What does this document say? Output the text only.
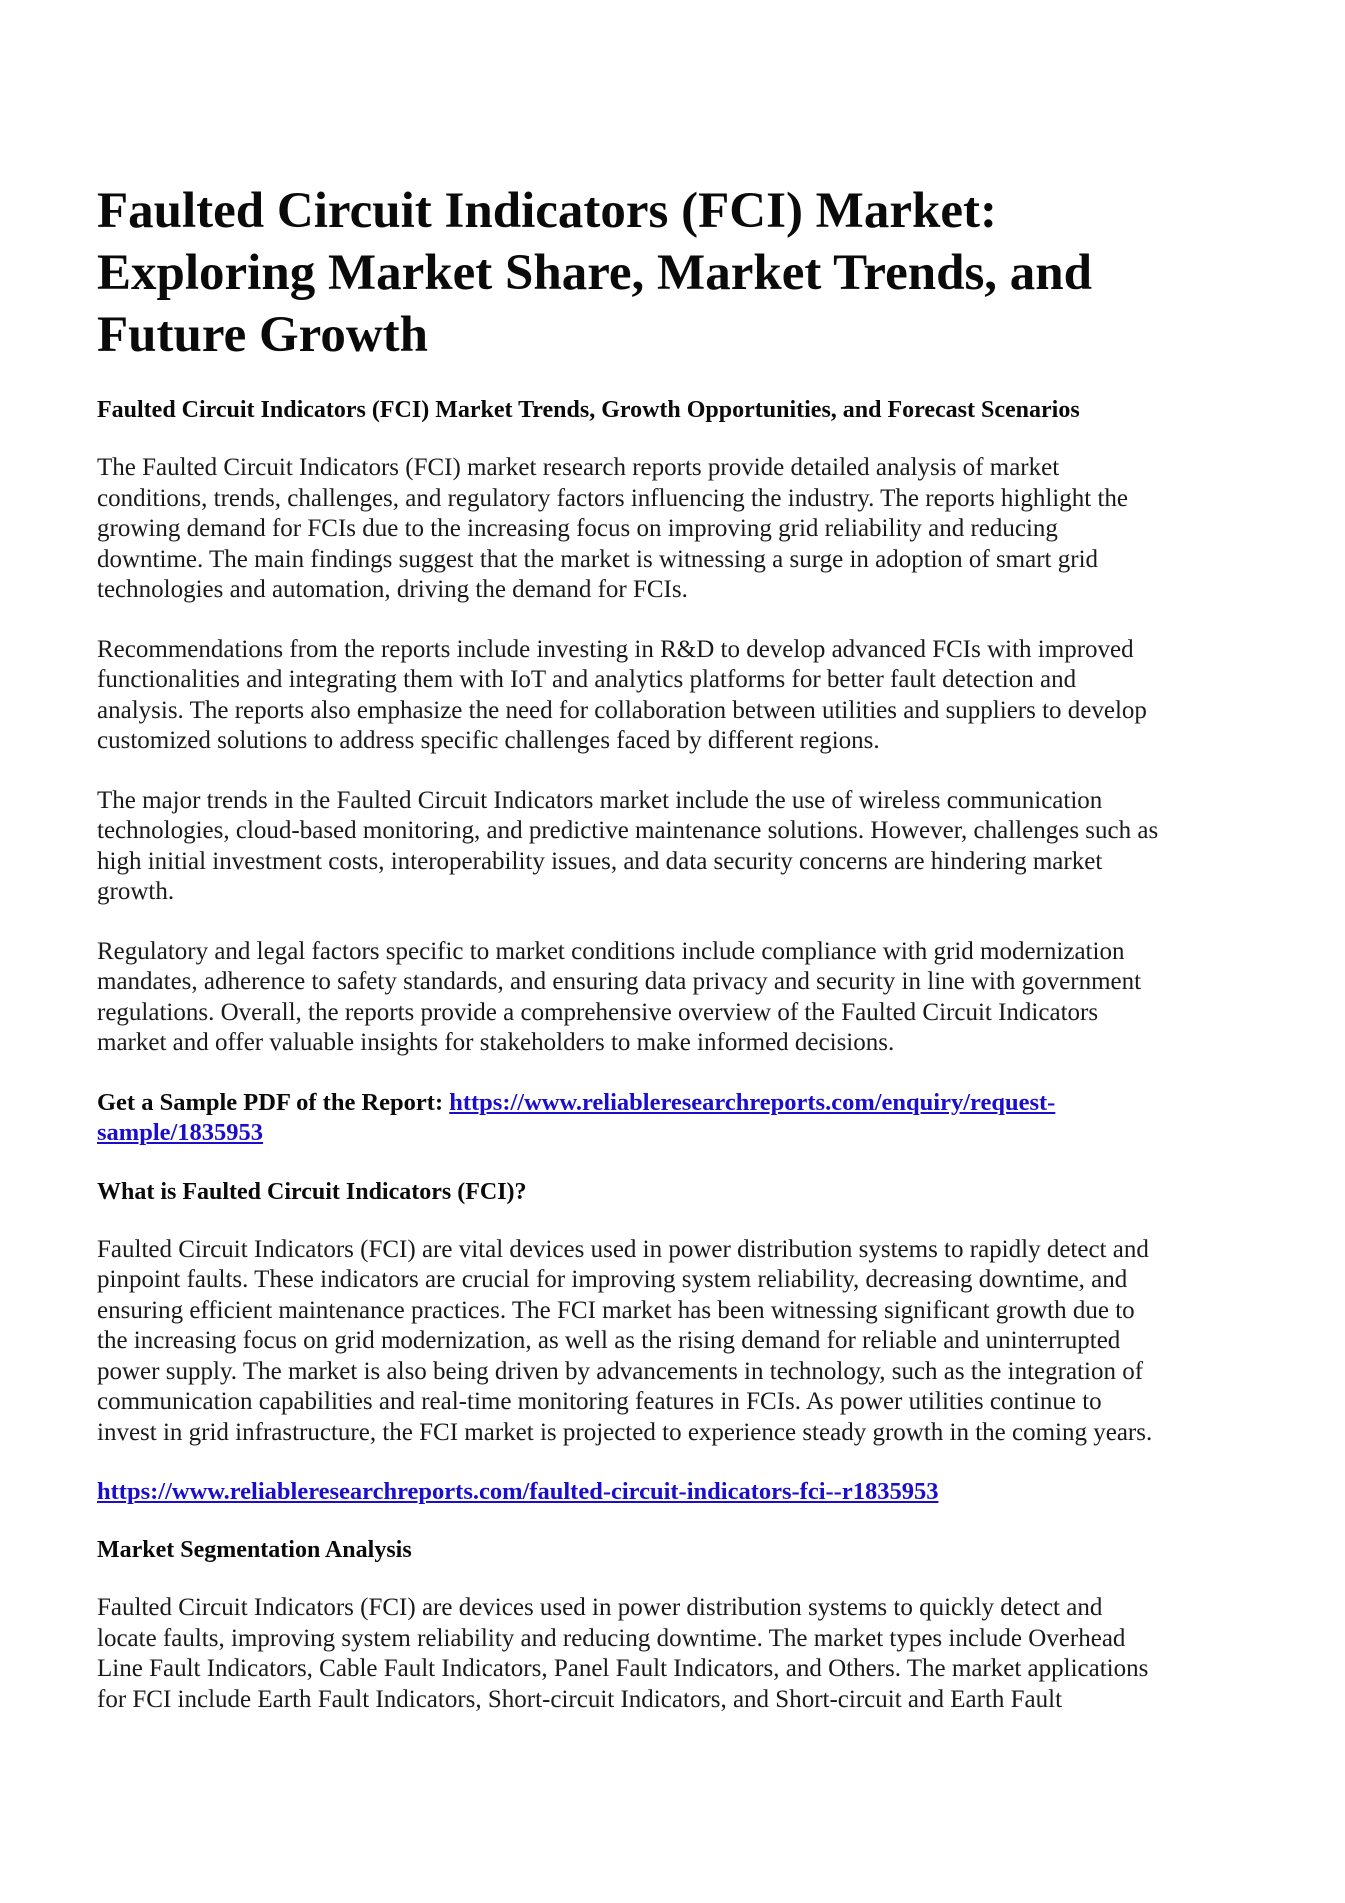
Faulted Circuit Indicators (FCI) Market:
Exploring Market Share, Market Trends, and
Future Growth
Faulted Circuit Indicators (FCI) Market Trends, Growth Opportunities, and Forecast Scenarios

The Faulted Circuit Indicators (FCI) market research reports provide detailed analysis of market
conditions, trends, challenges, and regulatory factors influencing the industry. The reports highlight the
growing demand for FCIs due to the increasing focus on improving grid reliability and reducing
downtime. The main findings suggest that the market is witnessing a surge in adoption of smart grid
technologies and automation, driving the demand for FCIs.

Recommendations from the reports include investing in R&D to develop advanced FCIs with improved
functionalities and integrating them with IoT and analytics platforms for better fault detection and
analysis. The reports also emphasize the need for collaboration between utilities and suppliers to develop
customized solutions to address specific challenges faced by different regions.

The major trends in the Faulted Circuit Indicators market include the use of wireless communication
technologies, cloud-based monitoring, and predictive maintenance solutions. However, challenges such as
high initial investment costs, interoperability issues, and data security concerns are hindering market
growth.

Regulatory and legal factors specific to market conditions include compliance with grid modernization
mandates, adherence to safety standards, and ensuring data privacy and security in line with government
regulations. Overall, the reports provide a comprehensive overview of the Faulted Circuit Indicators
market and offer valuable insights for stakeholders to make informed decisions.

Get a Sample PDF of the Report: https://www.reliableresearchreports.com/enquiry/request-
sample/1835953
What is Faulted Circuit Indicators (FCI)?

Faulted Circuit Indicators (FCI) are vital devices used in power distribution systems to rapidly detect and
pinpoint faults. These indicators are crucial for improving system reliability, decreasing downtime, and
ensuring efficient maintenance practices. The FCI market has been witnessing significant growth due to
the increasing focus on grid modernization, as well as the rising demand for reliable and uninterrupted
power supply. The market is also being driven by advancements in technology, such as the integration of
communication capabilities and real-time monitoring features in FCIs. As power utilities continue to
invest in grid infrastructure, the FCI market is projected to experience steady growth in the coming years.

https://www.reliableresearchreports.com/faulted-circuit-indicators-fci--r1835953

Market Segmentation Analysis

Faulted Circuit Indicators (FCI) are devices used in power distribution systems to quickly detect and
locate faults, improving system reliability and reducing downtime. The market types include Overhead
Line Fault Indicators, Cable Fault Indicators, Panel Fault Indicators, and Others. The market applications
for FCI include Earth Fault Indicators, Short-circuit Indicators, and Short-circuit and Earth Fault
